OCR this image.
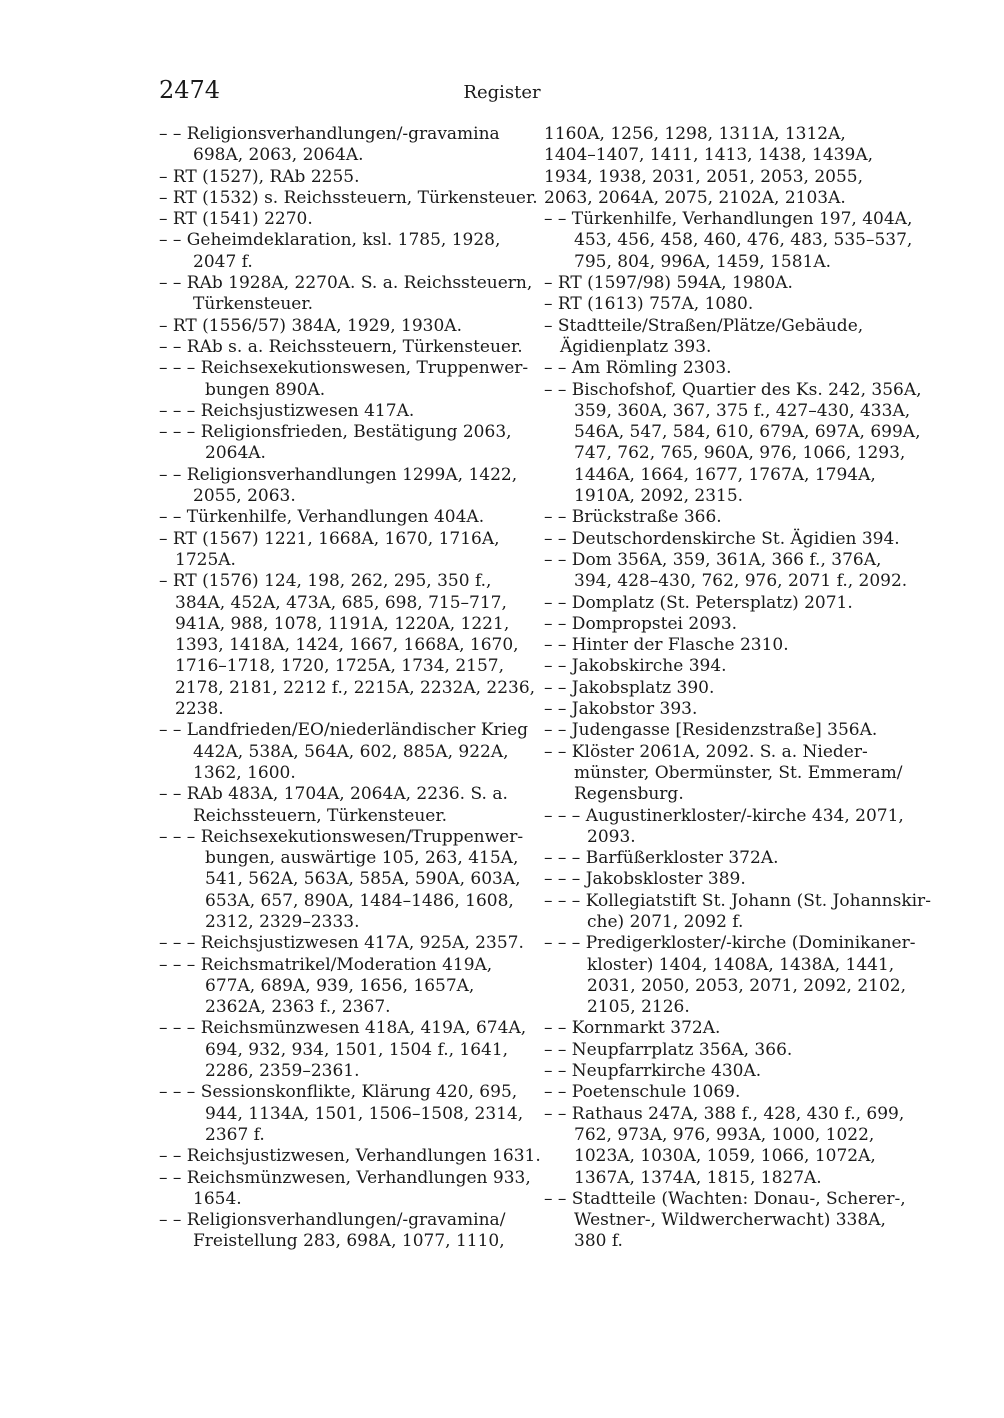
2474	Register
– – Religionsverhandlungen/-gravamina
698A, 2063, 2064A.
– RT (1527), RAb 2255.
– RT (1532) s. Reichssteuern, Türkensteuer.
– RT (1541) 2270.
– – Geheimdeklaration, ksl. 1785, 1928,
2047 f.
– – RAb 1928A, 2270A. S. a. Reichssteuern,
Türkensteuer.
– RT (1556/57) 384A, 1929, 1930A.
– – RAb s. a. Reichssteuern, Türkensteuer.
– – – Reichsexekutionswesen, Truppenwer-
bungen 890A.
– – – Reichsjustizwesen 417A.
– – – Religionsfrieden, Bestätigung 2063,
2064A.
– – Religionsverhandlungen 1299A, 1422,
2055, 2063.
– – Türkenhilfe, Verhandlungen 404A.
– RT (1567) 1221, 1668A, 1670, 1716A,
1725A.
– RT (1576) 124, 198, 262, 295, 350 f.,
384A, 452A, 473A, 685, 698, 715–717,
941A, 988, 1078, 1191A, 1220A, 1221,
1393, 1418A, 1424, 1667, 1668A, 1670,
1716–1718, 1720, 1725A, 1734, 2157,
2178, 2181, 2212 f., 2215A, 2232A, 2236,
2238.
– – Landfrieden/EO/niederländischer Krieg
442A, 538A, 564A, 602, 885A, 922A,
1362, 1600.
– – RAb 483A, 1704A, 2064A, 2236. S. a.
Reichssteuern, Türkensteuer.
– – – Reichsexekutionswesen/Truppenwer-
bungen, auswärtige 105, 263, 415A,
541, 562A, 563A, 585A, 590A, 603A,
653A, 657, 890A, 1484–1486, 1608,
2312, 2329–2333.
– – – Reichsjustizwesen 417A, 925A, 2357.
– – – Reichsmatrikel/Moderation 419A,
677A, 689A, 939, 1656, 1657A,
2362A, 2363 f., 2367.
– – – Reichsmünzwesen 418A, 419A, 674A,
694, 932, 934, 1501, 1504 f., 1641,
2286, 2359–2361.
– – – Sessionskonflikte, Klärung 420, 695,
944, 1134A, 1501, 1506–1508, 2314,
2367 f.
– – Reichsjustizwesen, Verhandlungen 1631.
– – Reichsmünzwesen, Verhandlungen 933,
1654.
– – Religionsverhandlungen/-gravamina/
Freistellung 283, 698A, 1077, 1110,
1160A, 1256, 1298, 1311A, 1312A,
1404–1407, 1411, 1413, 1438, 1439A,
1934, 1938, 2031, 2051, 2053, 2055,
2063, 2064A, 2075, 2102A, 2103A.
– – Türkenhilfe, Verhandlungen 197, 404A,
453, 456, 458, 460, 476, 483, 535–537,
795, 804, 996A, 1459, 1581A.
– RT (1597/98) 594A, 1980A.
– RT (1613) 757A, 1080.
– Stadtteile/Straßen/Plätze/Gebäude,
Ägidienplatz 393.
– – Am Römling 2303.
– – Bischofshof, Quartier des Ks. 242, 356A,
359, 360A, 367, 375 f., 427–430, 433A,
546A, 547, 584, 610, 679A, 697A, 699A,
747, 762, 765, 960A, 976, 1066, 1293,
1446A, 1664, 1677, 1767A, 1794A,
1910A, 2092, 2315.
– – Brückstraße 366.
– – Deutschordenskirche St. Ägidien 394.
– – Dom 356A, 359, 361A, 366 f., 376A,
394, 428–430, 762, 976, 2071 f., 2092.
– – Domplatz (St. Petersplatz) 2071.
– – Dompropstei 2093.
– – Hinter der Flasche 2310.
– – Jakobskirche 394.
– – Jakobsplatz 390.
– – Jakobstor 393.
– – Judengasse [Residenzstraße] 356A.
– – Klöster 2061A, 2092. S. a. Nieder-
münster, Obermünster, St. Emmeram/
Regensburg.
– – – Augustinerkloster/-kirche 434, 2071,
2093.
– – – Barfüßerkloster 372A.
– – – Jakobskloster 389.
– – – Kollegiatstift St. Johann (St. Johannskir-
che) 2071, 2092 f.
– – – Predigerkloster/-kirche (Dominikaner-
kloster) 1404, 1408A, 1438A, 1441,
2031, 2050, 2053, 2071, 2092, 2102,
2105, 2126.
– – Kornmarkt 372A.
– – Neupfarrplatz 356A, 366.
– – Neupfarrkirche 430A.
– – Poetenschule 1069.
– – Rathaus 247A, 388 f., 428, 430 f., 699,
762, 973A, 976, 993A, 1000, 1022,
1023A, 1030A, 1059, 1066, 1072A,
1367A, 1374A, 1815, 1827A.
– – Stadtteile (Wachten: Donau-, Scherer-,
Westner-, Wildwercherwacht) 338A,
380 f.
